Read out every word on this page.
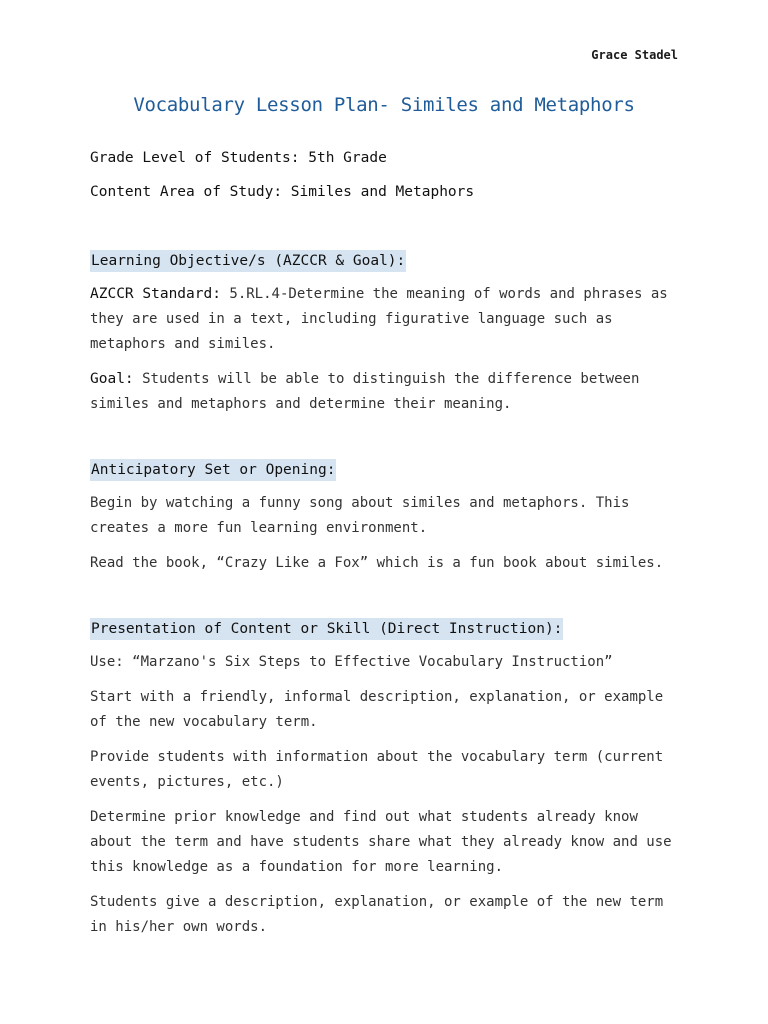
Grace Stadel
Vocabulary Lesson Plan- Similes and Metaphors

Grade Level of Students: 5th Grade

Content Area of Study: Similes and Metaphors

Learning Objective/s (AZCCR & Goal):

AZCCR Standard: 5.RL.4-Determine the meaning of words and phrases as they are used in a text, including figurative language such as metaphors and similes.

Goal: Students will be able to distinguish the difference between similes and metaphors and determine their meaning.

Anticipatory Set or Opening:

Begin by watching a funny song about similes and metaphors. This creates a more fun learning environment.

Read the book, “Crazy Like a Fox” which is a fun book about similes.

Presentation of Content or Skill (Direct Instruction):

Use: “Marzano's Six Steps to Effective Vocabulary Instruction”

Start with a friendly, informal description, explanation, or example of the new vocabulary term.

Provide students with information about the vocabulary term (current events, pictures, etc.)

Determine prior knowledge and find out what students already know about the term and have students share what they already know and use this knowledge as a foundation for more learning.

Students give a description, explanation, or example of the new term in his/her own words.
